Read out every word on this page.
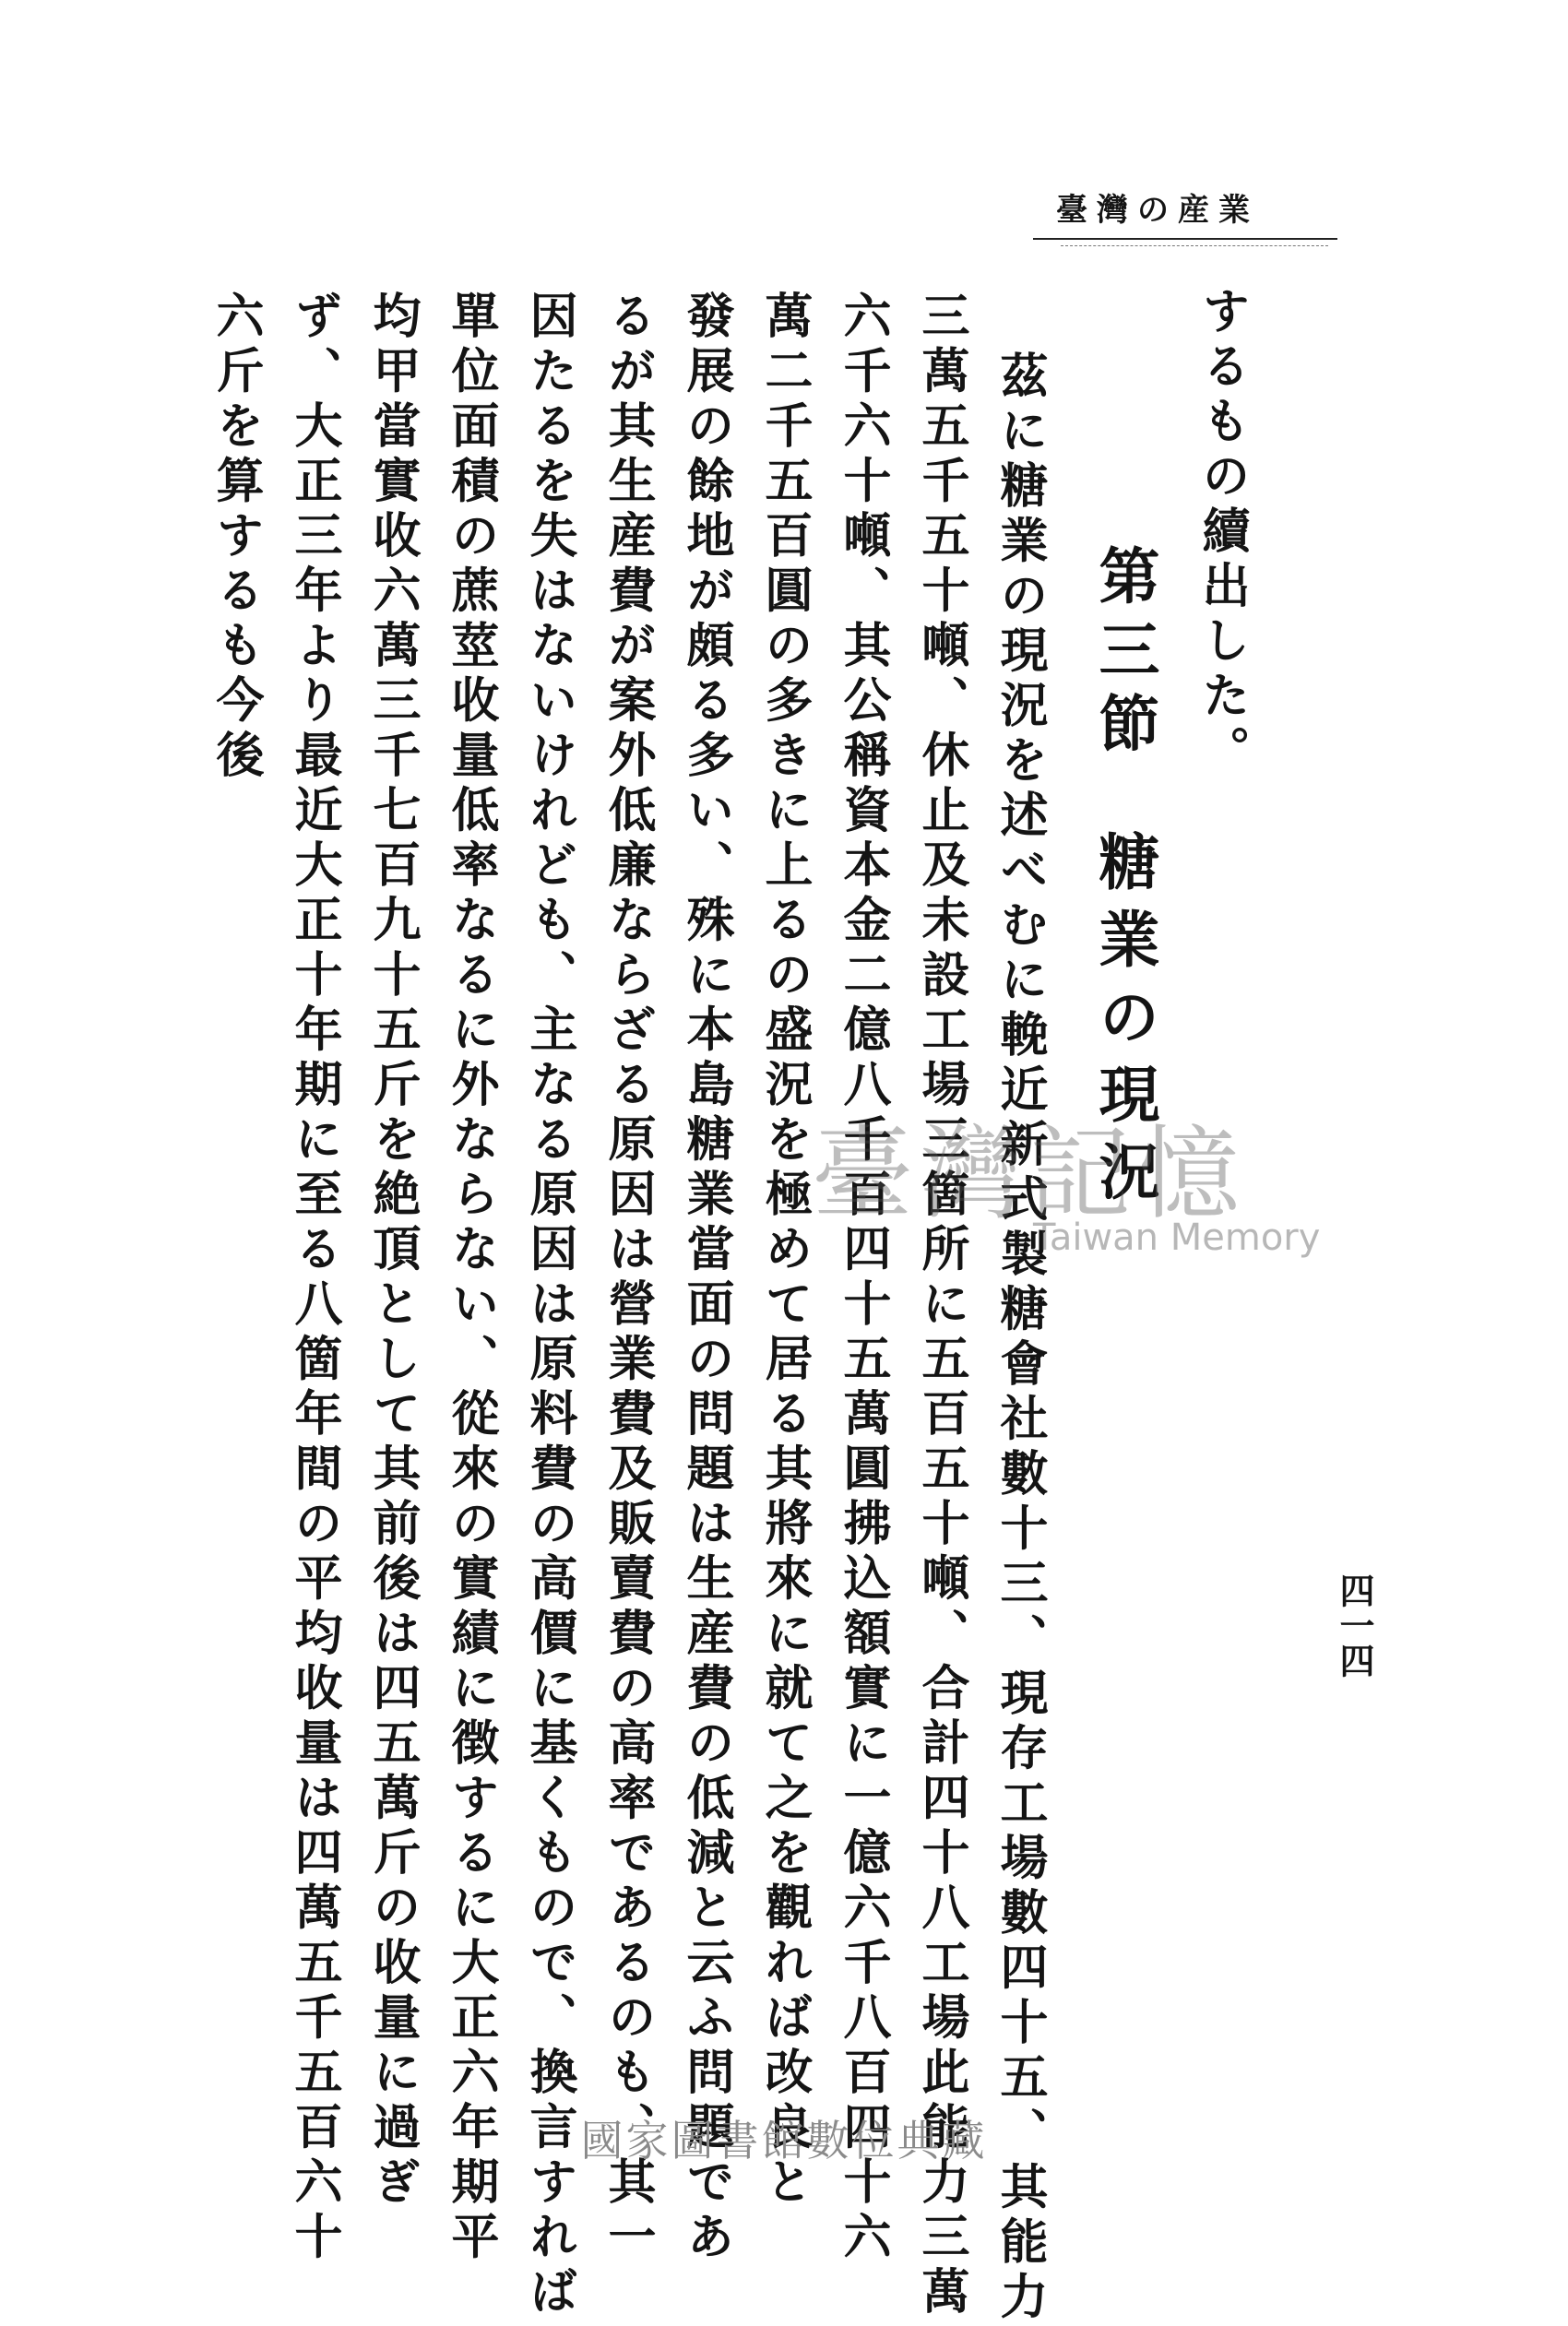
臺灣の産業
四一四
するもの續出した。
第三節糖業の現況
茲に糖業の現況を述べむに輓近新式製糖會社數十三、現存工場數四十五、其能力
三萬五千五十噸、休止及未設工場三箇所に五百五十噸、合計四十八工場此能力三萬
六千六十噸、其公稱資本金二億八千百四十五萬圓拂込額實に一億六千八百四十六
萬二千五百圓の多きに上るの盛況を極めて居る其將來に就て之を觀れば改良と
發展の餘地が頗る多い、殊に本島糖業當面の問題は生産費の低減と云ふ問題であ
るが其生産費が案外低廉ならざる原因は營業費及販賣費の高率であるのも、其一
因たるを失はないけれども、主なる原因は原料費の高價に基くもので、換言すれば
單位面積の蔗莖收量低率なるに外ならない、從來の實績に徴するに大正六年期平
均甲當實收六萬三千七百九十五斤を絶頂として其前後は四五萬斤の收量に過ぎ
ず、大正三年より最近大正十年期に至る八箇年間の平均收量は四萬五千五百六十
六斤を算するも今後
臺灣記憶
Taiwan Memory
國家圖書館數位典藏
